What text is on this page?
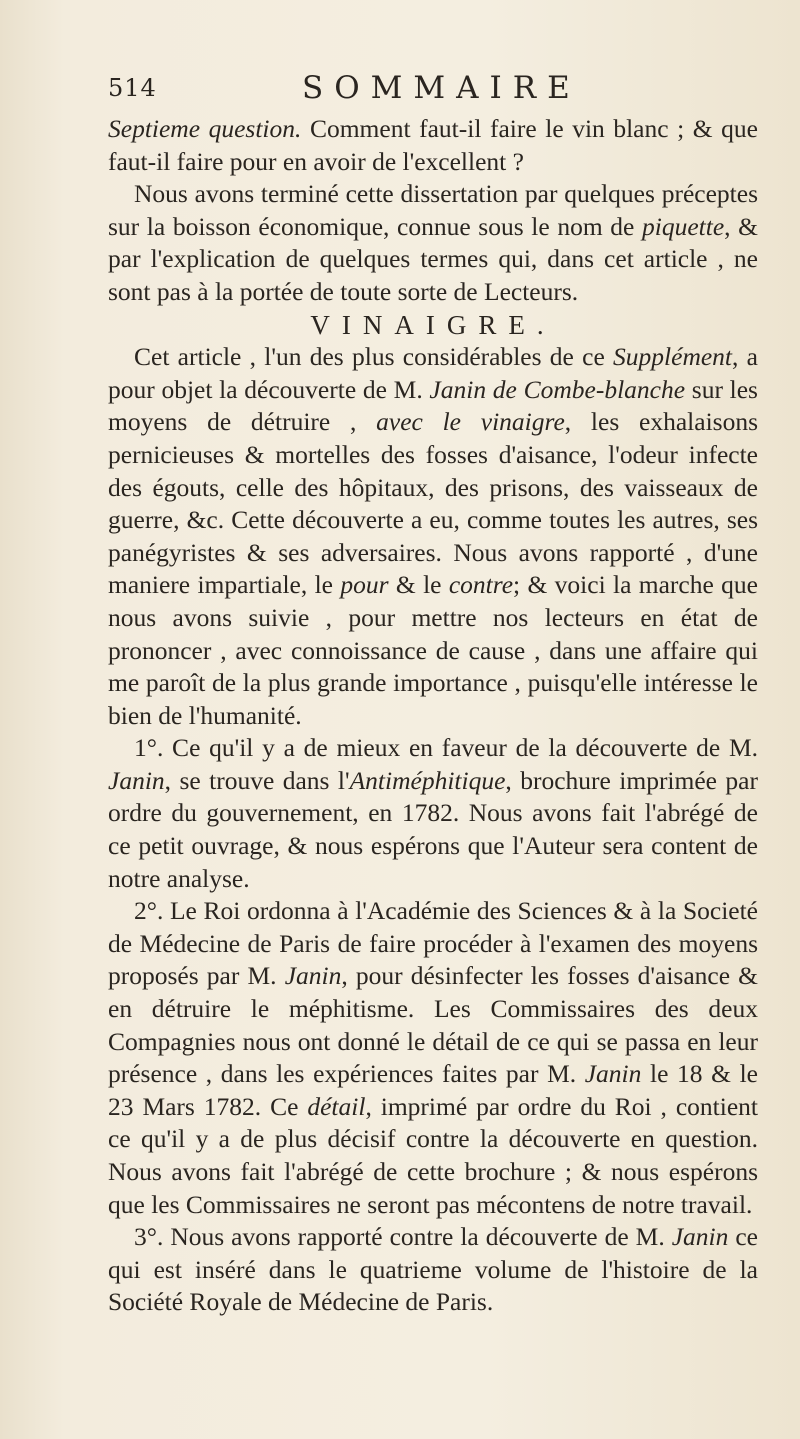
514	SOMMAIRE

Septieme question. Comment faut-il faire le vin blanc ; & que faut-il faire pour en avoir de l'excellent ?

Nous avons terminé cette dissertation par quelques préceptes sur la boisson économique, connue sous le nom de piquette, & par l'explication de quelques termes qui, dans cet article , ne sont pas à la portée de toute sorte de Lecteurs.

VINAIGRE.

Cet article , l'un des plus considérables de ce Supplément, a pour objet la découverte de M. Janin de Combe-blanche sur les moyens de détruire , avec le vinaigre, les exhalaisons pernicieuses & mortelles des fosses d'aisance, l'odeur infecte des égouts, celle des hôpitaux, des prisons, des vaisseaux de guerre, &c. Cette découverte a eu, comme toutes les autres, ses panégyristes & ses adversaires. Nous avons rapporté , d'une maniere impartiale, le pour & le contre; & voici la marche que nous avons suivie , pour mettre nos lecteurs en état de prononcer , avec connoissance de cause , dans une affaire qui me paroît de la plus grande importance , puisqu'elle intéresse le bien de l'humanité.

1°. Ce qu'il y a de mieux en faveur de la découverte de M. Janin, se trouve dans l'Antiméphitique, brochure imprimée par ordre du gouvernement, en 1782. Nous avons fait l'abrégé de ce petit ouvrage, & nous espérons que l'Auteur sera content de notre analyse.

2°. Le Roi ordonna à l'Académie des Sciences & à la Societé de Médecine de Paris de faire procéder à l'examen des moyens proposés par M. Janin, pour désinfecter les fosses d'aisance & en détruire le méphitisme. Les Commissaires des deux Compagnies nous ont donné le détail de ce qui se passa en leur présence , dans les expériences faites par M. Janin le 18 & le 23 Mars 1782. Ce détail, imprimé par ordre du Roi , contient ce qu'il y a de plus décisif contre la découverte en question. Nous avons fait l'abrégé de cette brochure ; & nous espérons que les Commissaires ne seront pas mécontens de notre travail.

3°. Nous avons rapporté contre la découverte de M. Janin ce qui est inséré dans le quatrieme volume de l'histoire de la Société Royale de Médecine de Paris.
